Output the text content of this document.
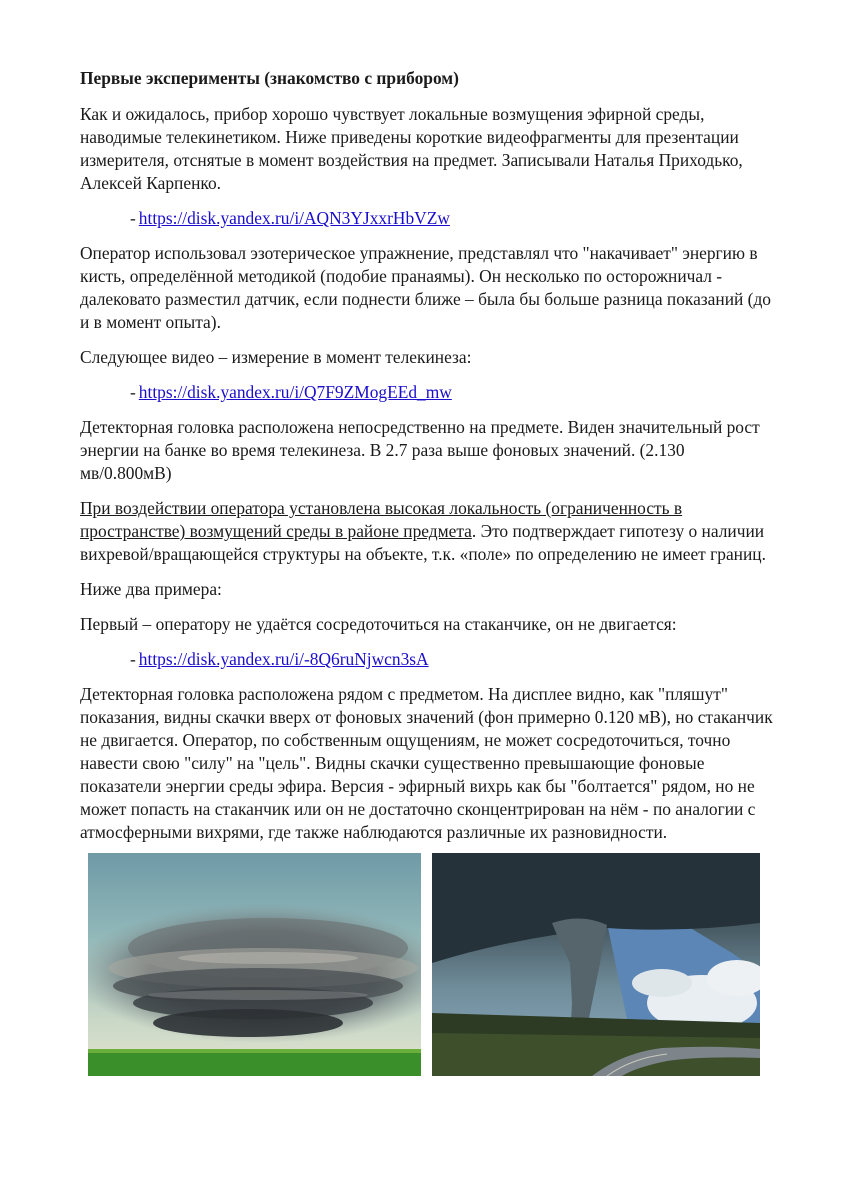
Первые эксперименты (знакомство с прибором)

Как и ожидалось, прибор хорошо чувствует локальные возмущения эфирной среды, наводимые телекинетиком. Ниже приведены короткие видеофрагменты для презентации измерителя, отснятые в момент воздействия на предмет. Записывали Наталья Приходько, Алексей Карпенко.

- https://disk.yandex.ru/i/AQN3YJxxrHbVZw

Оператор использовал эзотерическое упражнение, представлял что "накачивает" энергию в кисть, определённой методикой (подобие пранаямы). Он несколько по осторожничал - далековато разместил датчик, если поднести ближе – была бы больше разница показаний (до и в момент опыта).

Следующее видео – измерение в момент телекинеза:

- https://disk.yandex.ru/i/Q7F9ZMogEEd_mw

Детекторная головка расположена непосредственно на предмете. Виден значительный рост энергии на банке во время телекинеза. В 2.7 раза выше фоновых значений. (2.130 мв/0.800мВ)

При воздействии оператора установлена высокая локальность (ограниченность в пространстве) возмущений среды в районе предмета. Это подтверждает гипотезу о наличии вихревой/вращающейся структуры на объекте, т.к. «поле» по определению не имеет границ.

Ниже два примера:

Первый – оператору не удаётся сосредоточиться на стаканчике, он не двигается:

- https://disk.yandex.ru/i/-8Q6ruNjwcn3sA

Детекторная головка расположена рядом с предметом. На дисплее видно, как "пляшут" показания, видны скачки вверх от фоновых значений (фон примерно 0.120 мВ), но стаканчик не двигается. Оператор, по собственным ощущениям, не может сосредоточиться, точно навести свою "силу" на "цель". Видны скачки существенно превышающие фоновые показатели энергии среды эфира. Версия - эфирный вихрь как бы "болтается" рядом, но не может попасть на стаканчик или он не достаточно сконцентрирован на нём - по аналогии с атмосферными вихрями, где также наблюдаются различные их разновидности.
